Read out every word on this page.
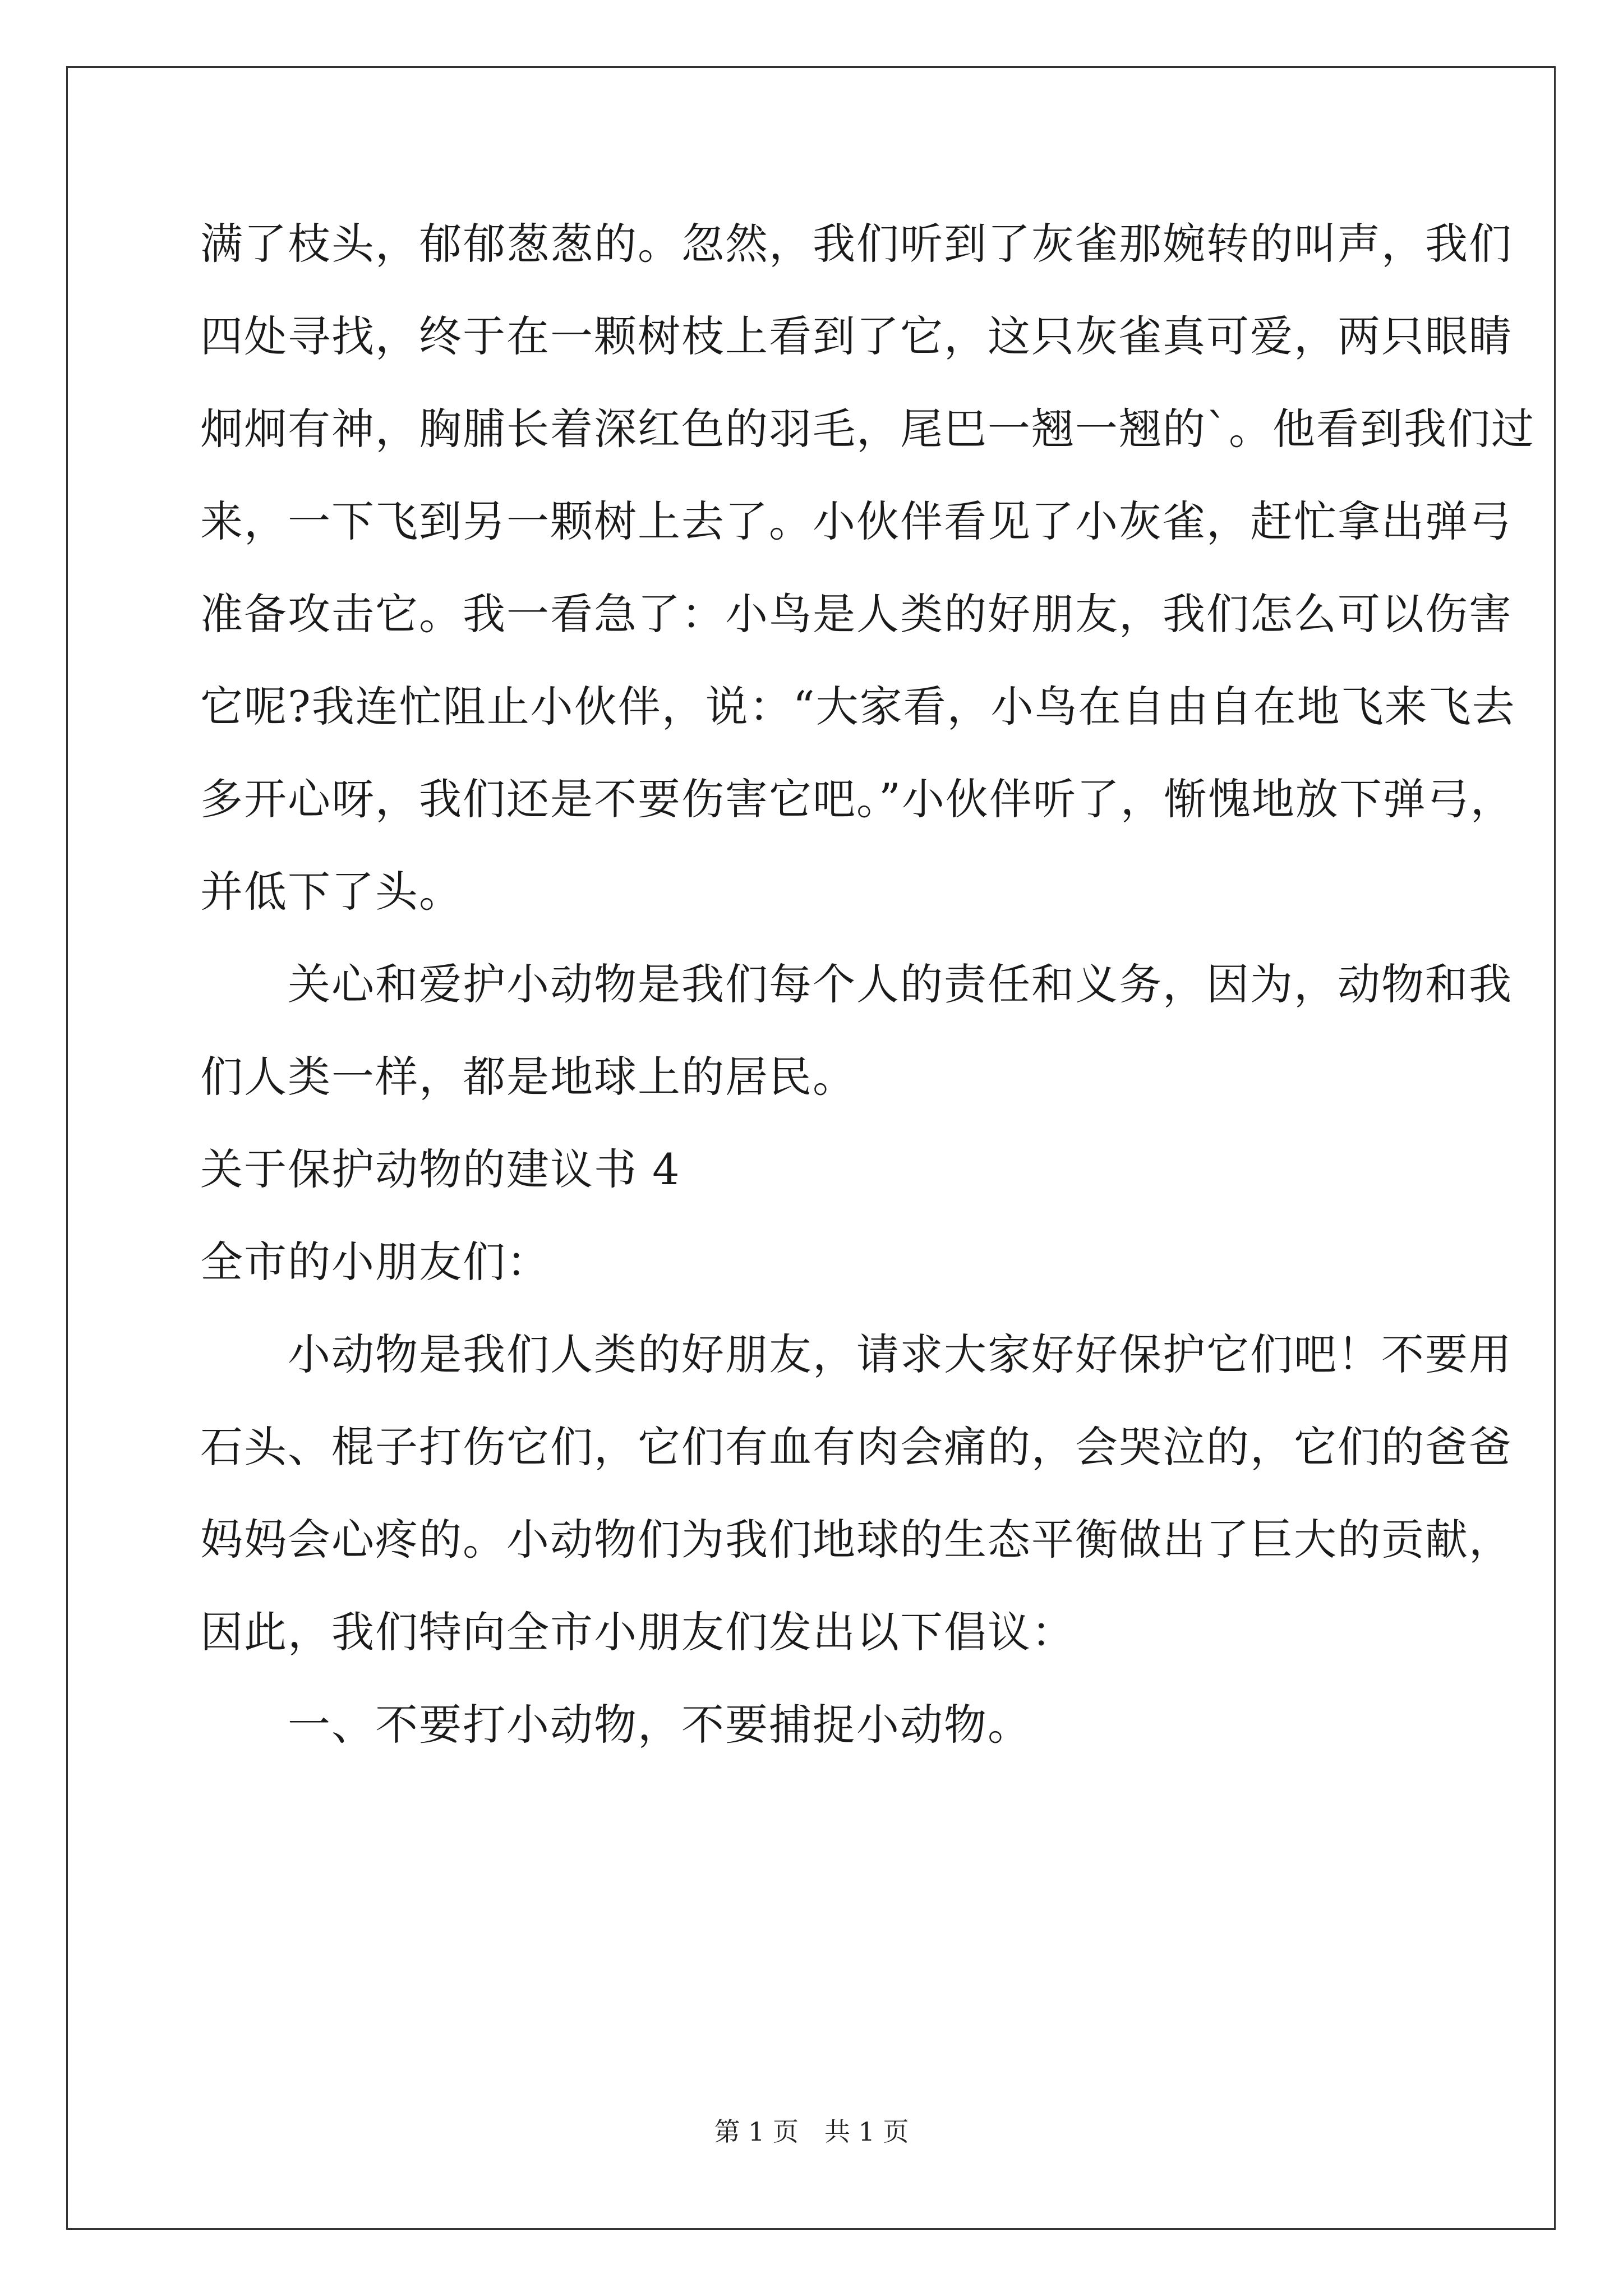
满了枝头，郁郁葱葱的。忽然，我们听到了灰雀那婉转的叫声，我们
四处寻找，终于在一颗树枝上看到了它，这只灰雀真可爱，两只眼睛
炯炯有神，胸脯长着深红色的羽毛，尾巴一翘一翘的`。他看到我们过
来，一下飞到另一颗树上去了。小伙伴看见了小灰雀，赶忙拿出弹弓
准备攻击它。我一看急了：小鸟是人类的好朋友，我们怎么可以伤害
它呢?我连忙阻止小伙伴，说：“大家看，小鸟在自由自在地飞来飞去
多开心呀，我们还是不要伤害它吧。”小伙伴听了，惭愧地放下弹弓，
并低下了头。
　　关心和爱护小动物是我们每个人的责任和义务，因为，动物和我
们人类一样，都是地球上的居民。
关于保护动物的建议书 4
全市的小朋友们：
　　小动物是我们人类的好朋友，请求大家好好保护它们吧！不要用
石头、棍子打伤它们，它们有血有肉会痛的，会哭泣的，它们的爸爸
妈妈会心疼的。小动物们为我们地球的生态平衡做出了巨大的贡献，
因此，我们特向全市小朋友们发出以下倡议：
　　一、不要打小动物，不要捕捉小动物。
第 1 页　共 1 页
